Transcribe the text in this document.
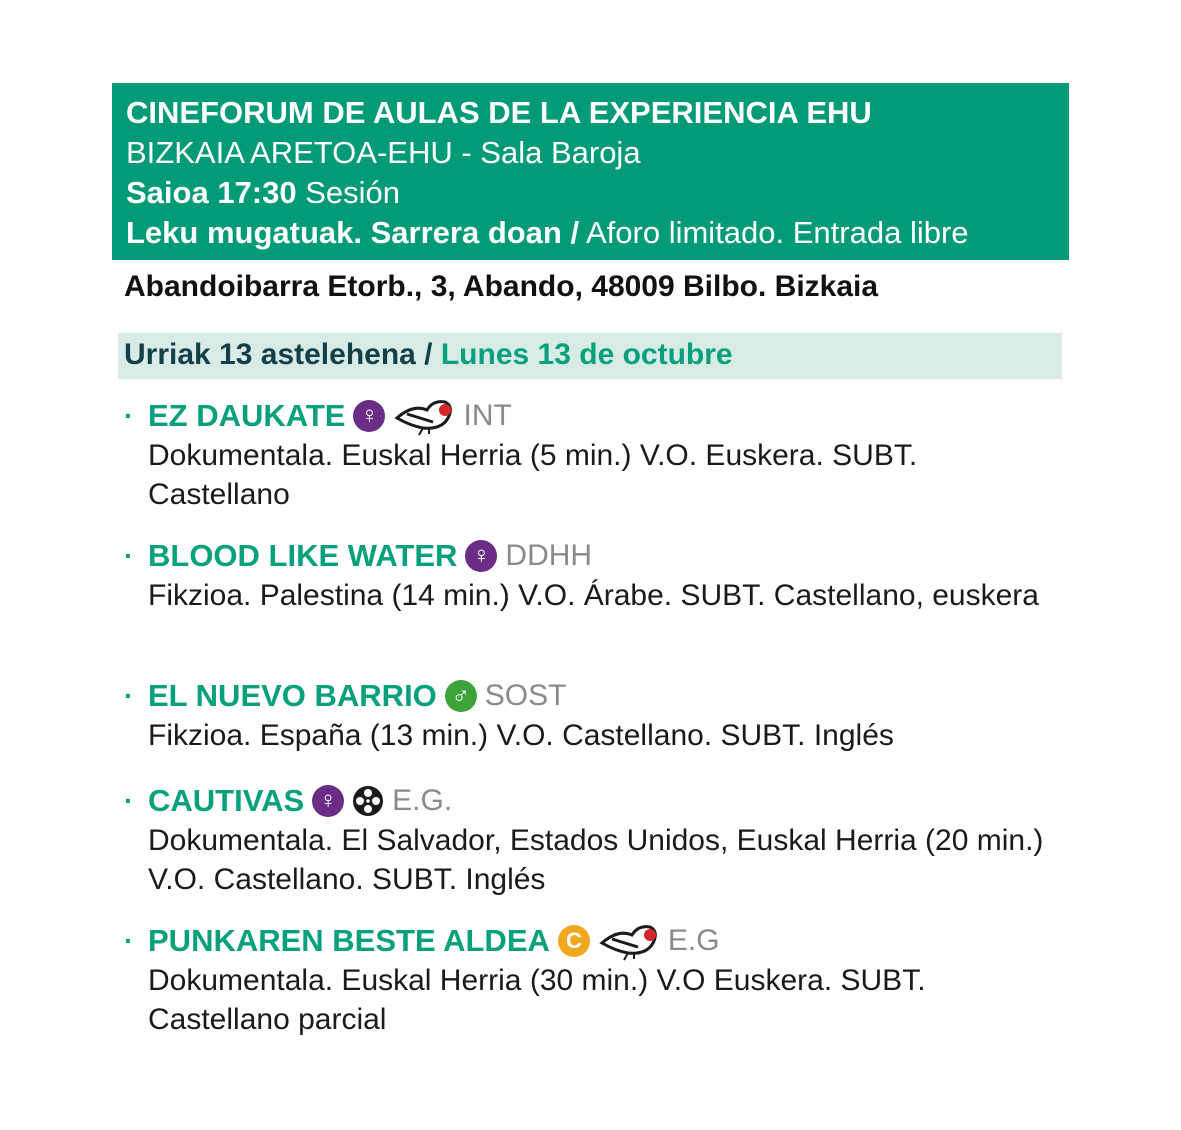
CINEFORUM DE AULAS DE LA EXPERIENCIA EHU
BIZKAIA ARETOA-EHU - Sala Baroja
Saioa 17:30 Sesión
Leku mugatuak. Sarrera doan / Aforo limitado. Entrada libre
Abandoibarra Etorb., 3, Abando, 48009 Bilbo. Bizkaia
Urriak 13 astelehena / Lunes 13 de octubre
· EZ DAUKATE ♀	INT
Dokumentala. Euskal Herria (5 min.) V.O. Euskera. SUBT. Castellano
· BLOOD LIKE WATER ♀ DDHH
Fikzioa. Palestina (14 min.) V.O. Árabe. SUBT. Castellano, euskera
· EL NUEVO BARRIO ♂ SOST
Fikzioa. España (13 min.) V.O. Castellano. SUBT. Inglés
· CAUTIVAS ♀ E.G.
Dokumentala. El Salvador, Estados Unidos, Euskal Herria (20 min.) V.O. Castellano. SUBT. Inglés
· PUNKAREN BESTE ALDEA C	E.G
Dokumentala. Euskal Herria (30 min.) V.O Euskera. SUBT. Castellano parcial
